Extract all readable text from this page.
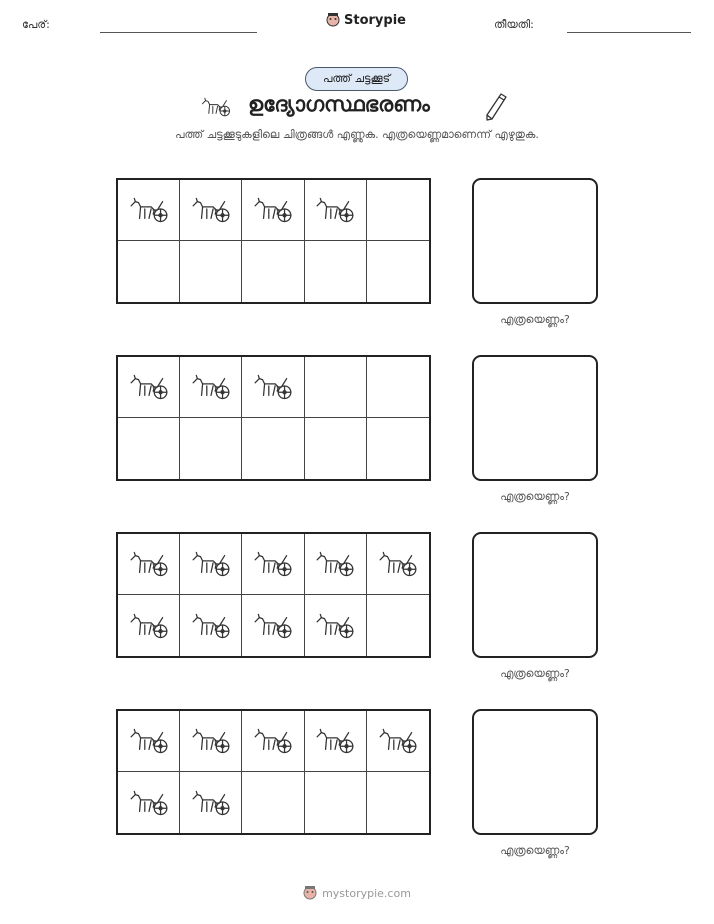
പേര്:	Storypie	തീയതി:
പത്ത് ചട്ടക്കൂട്
ഉദ്യോഗസ്ഥഭരണം
പത്ത് ചട്ടക്കൂടുകളിലെ ചിത്രങ്ങൾ എണ്ണുക. എത്രയെണ്ണമാണെന്ന് എഴുതുക.
എത്രയെണ്ണം?
എത്രയെണ്ണം?
എത്രയെണ്ണം?
എത്രയെണ്ണം?
mystorypie.com
